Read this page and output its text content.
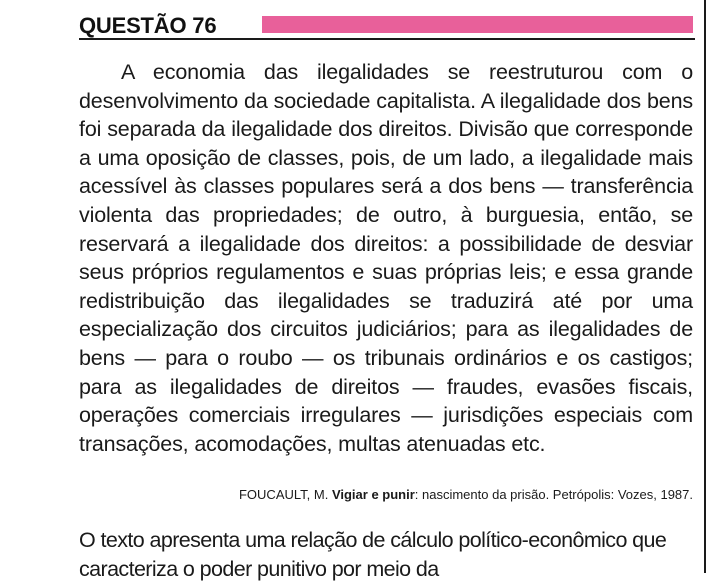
QUESTÃO 76

A economia das ilegalidades se reestruturou com o desenvolvimento da sociedade capitalista. A ilegalidade dos bens foi separada da ilegalidade dos direitos. Divisão que corresponde a uma oposição de classes, pois, de um lado, a ilegalidade mais acessível às classes populares será a dos bens — transferência violenta das propriedades; de outro, à burguesia, então, se reservará a ilegalidade dos direitos: a possibilidade de desviar seus próprios regulamentos e suas próprias leis; e essa grande redistribuição das ilegalidades se traduzirá até por uma especialização dos circuitos judiciários; para as ilegalidades de bens — para o roubo — os tribunais ordinários e os castigos; para as ilegalidades de direitos — fraudes, evasões fiscais, operações comerciais irregulares — jurisdições especiais com transações, acomodações, multas atenuadas etc.

FOUCAULT, M. Vigiar e punir: nascimento da prisão. Petrópolis: Vozes, 1987.

O texto apresenta uma relação de cálculo político-econômico que caracteriza o poder punitivo por meio da
